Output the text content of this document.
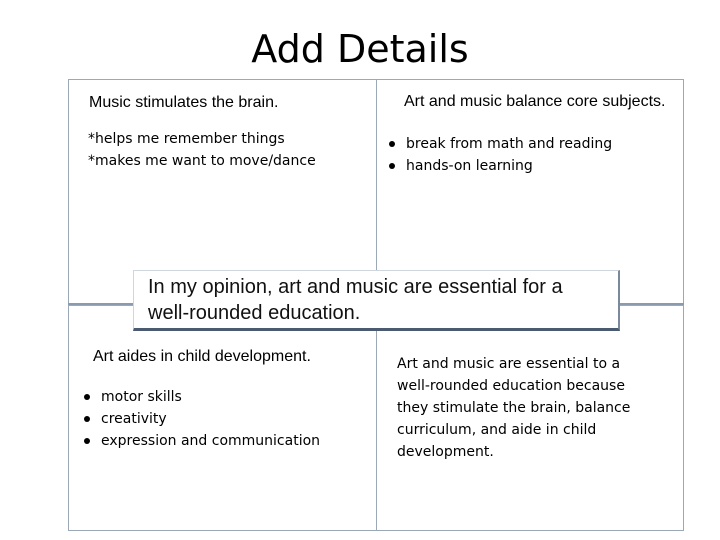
Add Details
Music stimulates the brain.
*helps me remember things
*makes me want to move/dance
Art and music balance core subjects.
break from math and reading
hands-on learning
Art aides in child development.
motor skills
creativity
expression and communication
Art and music are essential to a well-rounded education because they stimulate the brain, balance curriculum, and aide in child development.
In my opinion, art and music are essential for a well-rounded education.
